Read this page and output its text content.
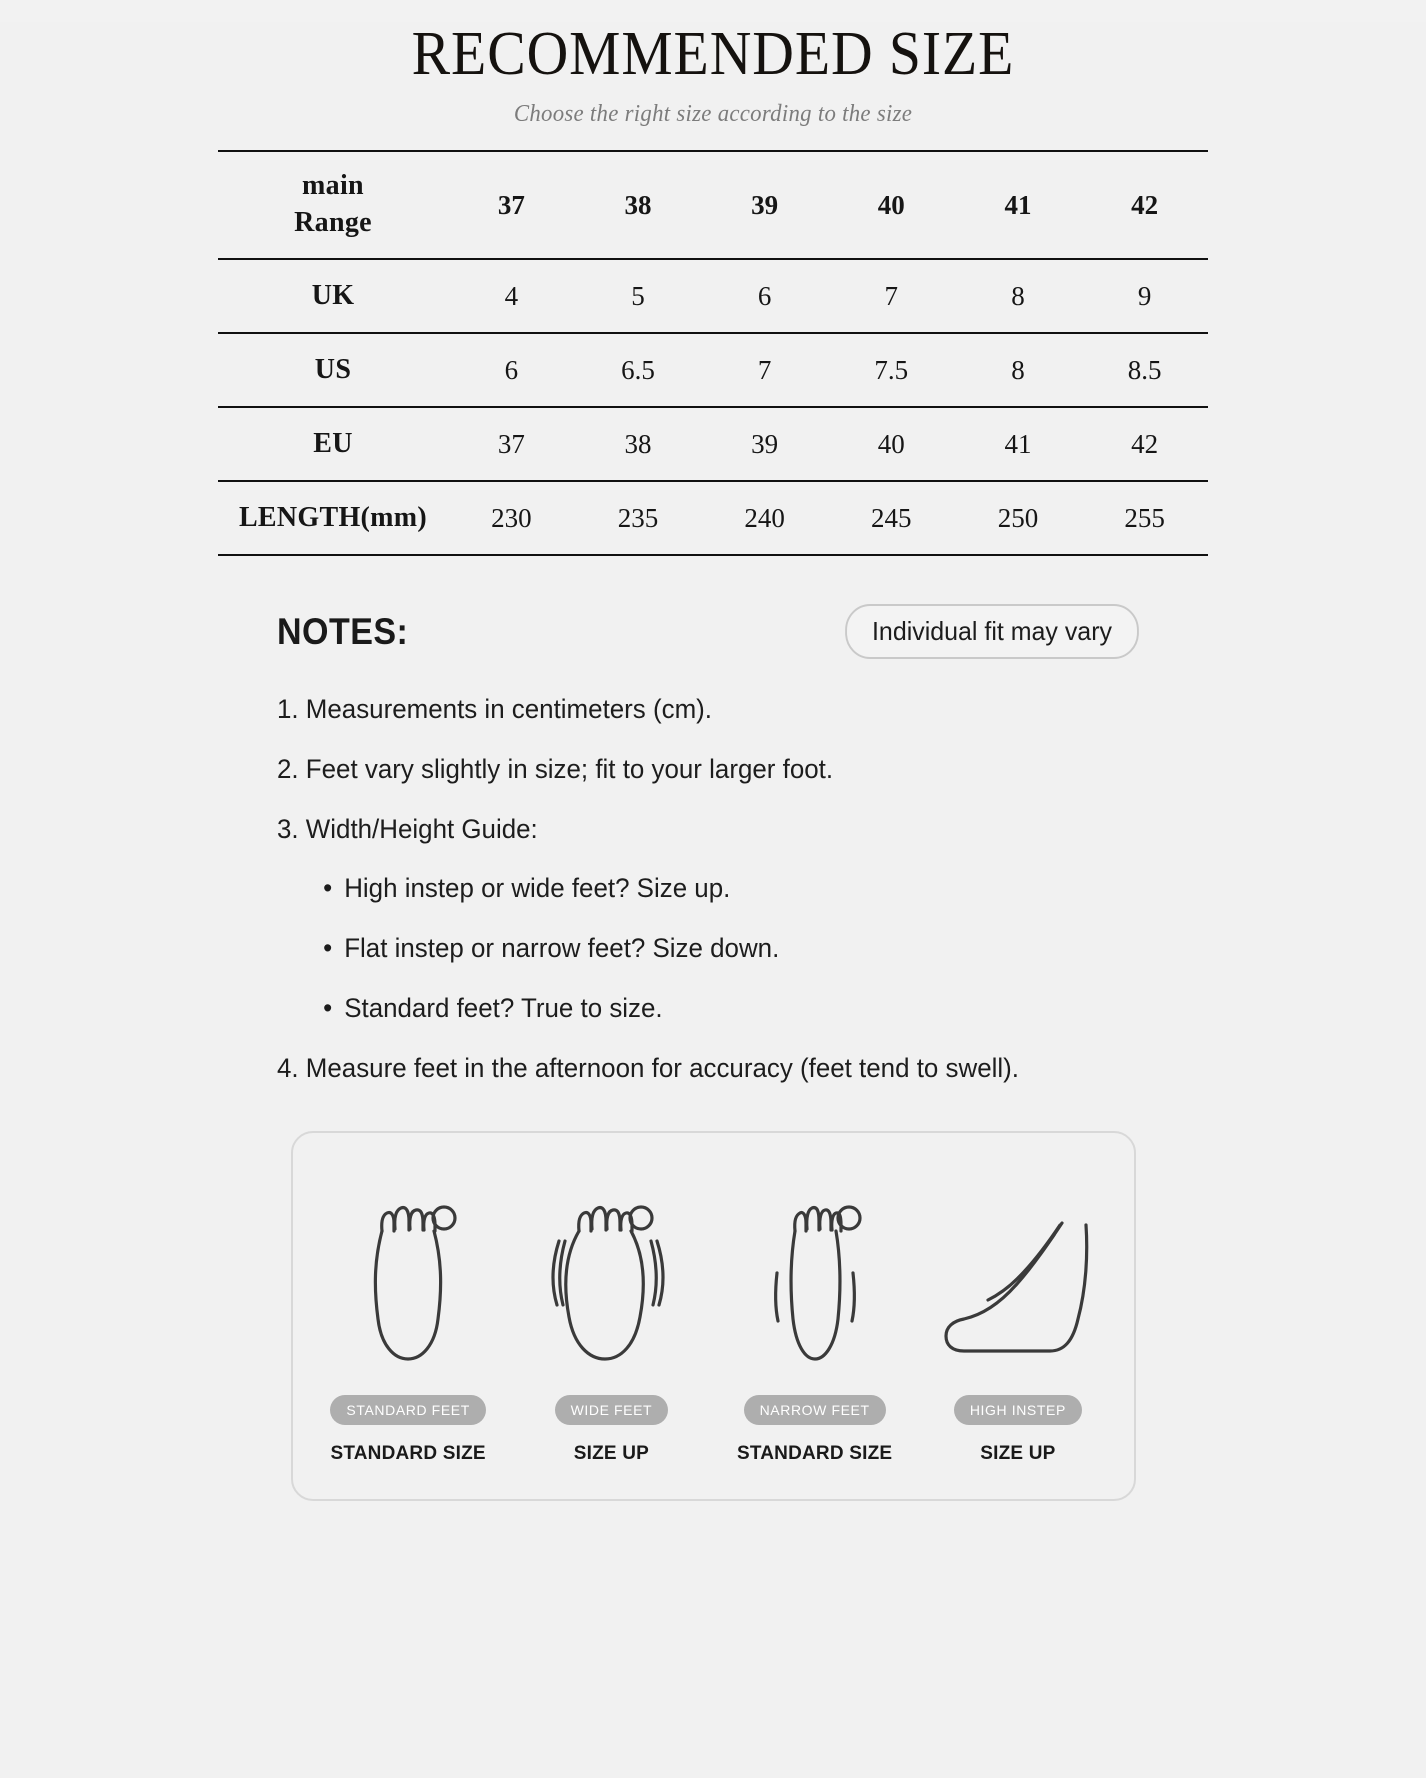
RECOMMENDED SIZE
Choose the right size according to the size
main
Range	37	38	39	40	41	42
UK	4	5	6	7	8	9
US	6	6.5	7	7.5	8	8.5
EU	37	38	39	40	41	42
LENGTH(mm)	230	235	240	245	250	255
NOTES:	Individual fit may vary
1. Measurements in centimeters (cm).
2. Feet vary slightly in size; fit to your larger foot.
3. Width/Height Guide:
• High instep or wide feet? Size up.
• Flat instep or narrow feet? Size down.
• Standard feet? True to size.
4. Measure feet in the afternoon for accuracy (feet tend to swell).
STANDARD FEET
STANDARD SIZE
WIDE FEET
SIZE UP
NARROW FEET
STANDARD SIZE
HIGH INSTEP
SIZE UP
